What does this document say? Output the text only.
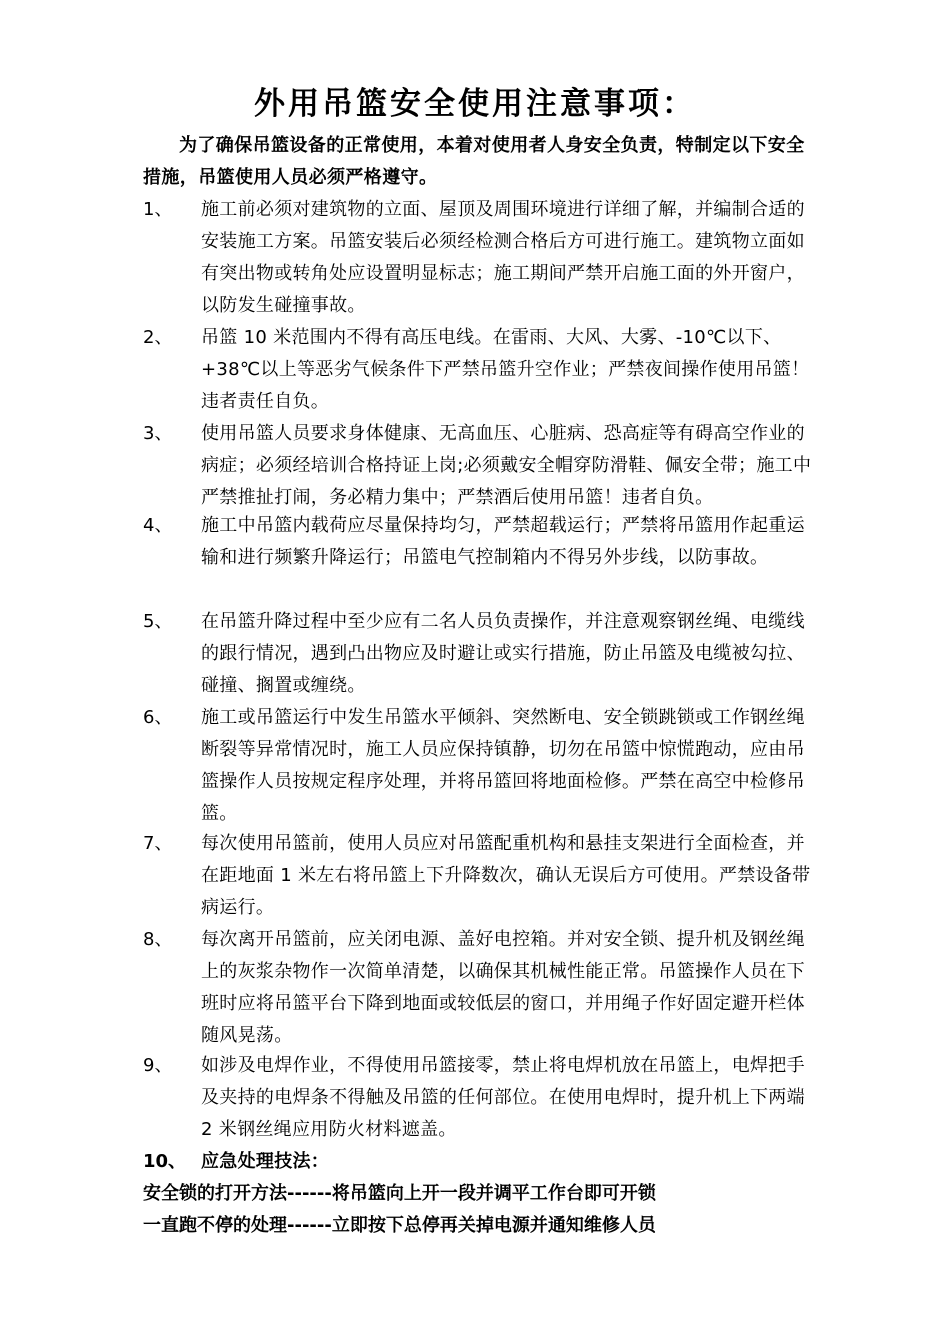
外用吊篮安全使用注意事项：
为了确保吊篮设备的正常使用，本着对使用者人身安全负责，特制定以下安全措施，吊篮使用人员必须严格遵守。
1、	施工前必须对建筑物的立面、屋顶及周围环境进行详细了解，并编制合适的安装施工方案。吊篮安装后必须经检测合格后方可进行施工。建筑物立面如有突出物或转角处应设置明显标志；施工期间严禁开启施工面的外开窗户，以防发生碰撞事故。
2、	吊篮 10 米范围内不得有高压电线。在雷雨、大风、大雾、-10℃以下、+38℃以上等恶劣气候条件下严禁吊篮升空作业；严禁夜间操作使用吊篮！违者责任自负。
3、	使用吊篮人员要求身体健康、无高血压、心脏病、恐高症等有碍高空作业的病症；必须经培训合格持证上岗;必须戴安全帽穿防滑鞋、佩安全带；施工中严禁推扯打闹，务必精力集中；严禁酒后使用吊篮！违者自负。
4、	施工中吊篮内载荷应尽量保持均匀，严禁超载运行；严禁将吊篮用作起重运输和进行频繁升降运行；吊篮电气控制箱内不得另外步线，以防事故。
5、	在吊篮升降过程中至少应有二名人员负责操作，并注意观察钢丝绳、电缆线的跟行情况，遇到凸出物应及时避让或实行措施，防止吊篮及电缆被勾拉、碰撞、搁置或缠绕。
6、	施工或吊篮运行中发生吊篮水平倾斜、突然断电、安全锁跳锁或工作钢丝绳断裂等异常情况时，施工人员应保持镇静，切勿在吊篮中惊慌跑动，应由吊篮操作人员按规定程序处理，并将吊篮回将地面检修。严禁在高空中检修吊篮。
7、	每次使用吊篮前，使用人员应对吊篮配重机构和悬挂支架进行全面检查，并在距地面 1 米左右将吊篮上下升降数次，确认无误后方可使用。严禁设备带病运行。
8、	每次离开吊篮前，应关闭电源、盖好电控箱。并对安全锁、提升机及钢丝绳上的灰浆杂物作一次简单清楚，以确保其机械性能正常。吊篮操作人员在下班时应将吊篮平台下降到地面或较低层的窗口，并用绳子作好固定避开栏体随风晃荡。
9、	如涉及电焊作业，不得使用吊篮接零，禁止将电焊机放在吊篮上，电焊把手及夹持的电焊条不得触及吊篮的任何部位。在使用电焊时，提升机上下两端 2 米钢丝绳应用防火材料遮盖。
10、 应急处理技法：
安全锁的打开方法------将吊篮向上开一段并调平工作台即可开锁
一直跑不停的处理------立即按下总停再关掉电源并通知维修人员
